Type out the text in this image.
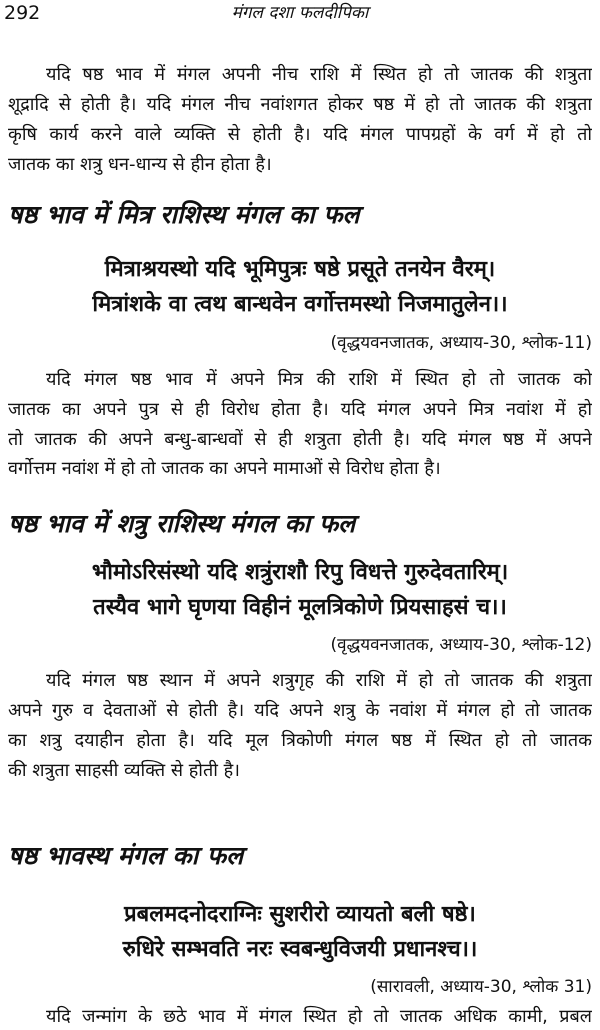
292	मंगल दशा फलदीपिका
यदि षष्ठ भाव में मंगल अपनी नीच राशि में स्थित हो तो जातक की शत्रुता
शूद्रादि से होती है। यदि मंगल नीच नवांशगत होकर षष्ठ में हो तो जातक की शत्रुता
कृषि कार्य करने वाले व्यक्ति से होती है। यदि मंगल पापग्रहों के वर्ग में हो तो
जातक का शत्रु धन-धान्य से हीन होता है।
षष्ठ भाव में मित्र राशिस्थ मंगल का फल
मित्राश्रयस्थो यदि भूमिपुत्रः षष्ठे प्रसूते तनयेन वैरम्।
मित्रांशके वा त्वथ बान्धवेन वर्गोत्तमस्थो निजमातुलेन।।
(वृद्धयवनजातक, अध्याय-30, श्लोक-11)
यदि मंगल षष्ठ भाव में अपने मित्र की राशि में स्थित हो तो जातक को
जातक का अपने पुत्र से ही विरोध होता है। यदि मंगल अपने मित्र नवांश में हो
तो जातक की अपने बन्धु-बान्धवों से ही शत्रुता होती है। यदि मंगल षष्ठ में अपने
वर्गोत्तम नवांश में हो तो जातक का अपने मामाओं से विरोध होता है।
षष्ठ भाव में शत्रु राशिस्थ मंगल का फल
भौमोऽरिसंस्थो यदि शत्रुंराशौ रिपु विधत्ते गुरुदेवतारिम्।
तस्यैव भागे घृणया विहीनं मूलत्रिकोणे प्रियसाहसं च।।
(वृद्धयवनजातक, अध्याय-30, श्लोक-12)
यदि मंगल षष्ठ स्थान में अपने शत्रुगृह की राशि में हो तो जातक की शत्रुता
अपने गुरु व देवताओं से होती है। यदि अपने शत्रु के नवांश में मंगल हो तो जातक
का शत्रु दयाहीन होता है। यदि मूल त्रिकोणी मंगल षष्ठ में स्थित हो तो जातक
की शत्रुता साहसी व्यक्ति से होती है।
षष्ठ भावस्थ मंगल का फल
प्रबलमदनोदराग्निः सुशरीरो व्यायतो बली षष्ठे।
रुधिरे सम्भवति नरः स्वबन्धुविजयी प्रधानश्च।।
(सारावली, अध्याय-30, श्लोक 31)
यदि जन्मांग के छठे भाव में मंगल स्थित हो तो जातक अधिक कामी, प्रबल
